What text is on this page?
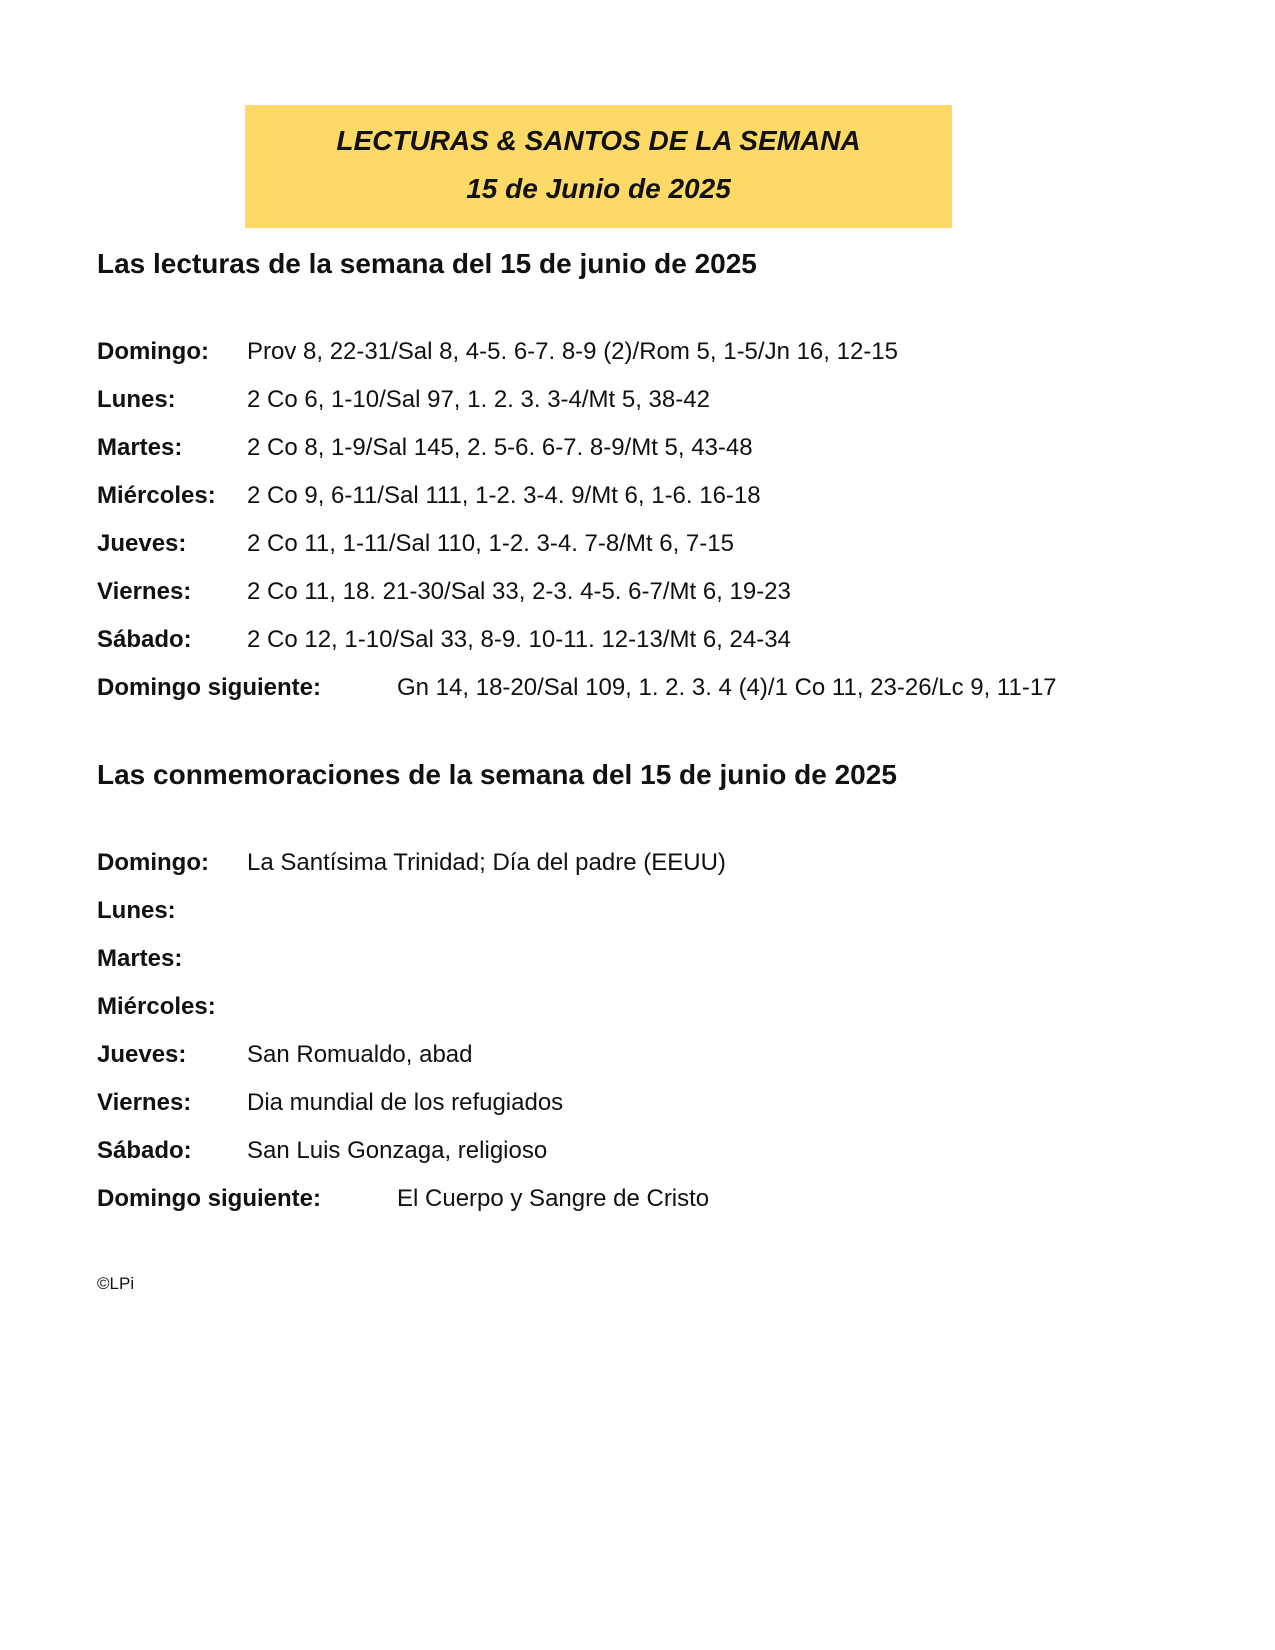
LECTURAS & SANTOS DE LA SEMANA
15 de Junio de 2025
Las lecturas de la semana del 15 de junio de 2025
Domingo: Prov 8, 22-31/Sal 8, 4-5. 6-7. 8-9 (2)/Rom 5, 1-5/Jn 16, 12-15
Lunes:	2 Co 6, 1-10/Sal 97, 1. 2. 3. 3-4/Mt 5, 38-42
Martes:	2 Co 8, 1-9/Sal 145, 2. 5-6. 6-7. 8-9/Mt 5, 43-48
Miércoles: 2 Co 9, 6-11/Sal 111, 1-2. 3-4. 9/Mt 6, 1-6. 16-18
Jueves:	2 Co 11, 1-11/Sal 110, 1-2. 3-4. 7-8/Mt 6, 7-15
Viernes: 2 Co 11, 18. 21-30/Sal 33, 2-3. 4-5. 6-7/Mt 6, 19-23
Sábado: 2 Co 12, 1-10/Sal 33, 8-9. 10-11. 12-13/Mt 6, 24-34
Domingo siguiente:	Gn 14, 18-20/Sal 109, 1. 2. 3. 4 (4)/1 Co 11, 23-26/Lc 9, 11-17
Las conmemoraciones de la semana del 15 de junio de 2025
Domingo: La Santísima Trinidad; Día del padre (EEUU)
Lunes:
Martes:
Miércoles:
Jueves:	San Romualdo, abad
Viernes: Dia mundial de los refugiados
Sábado: San Luis Gonzaga, religioso
Domingo siguiente:	El Cuerpo y Sangre de Cristo
©LPi
